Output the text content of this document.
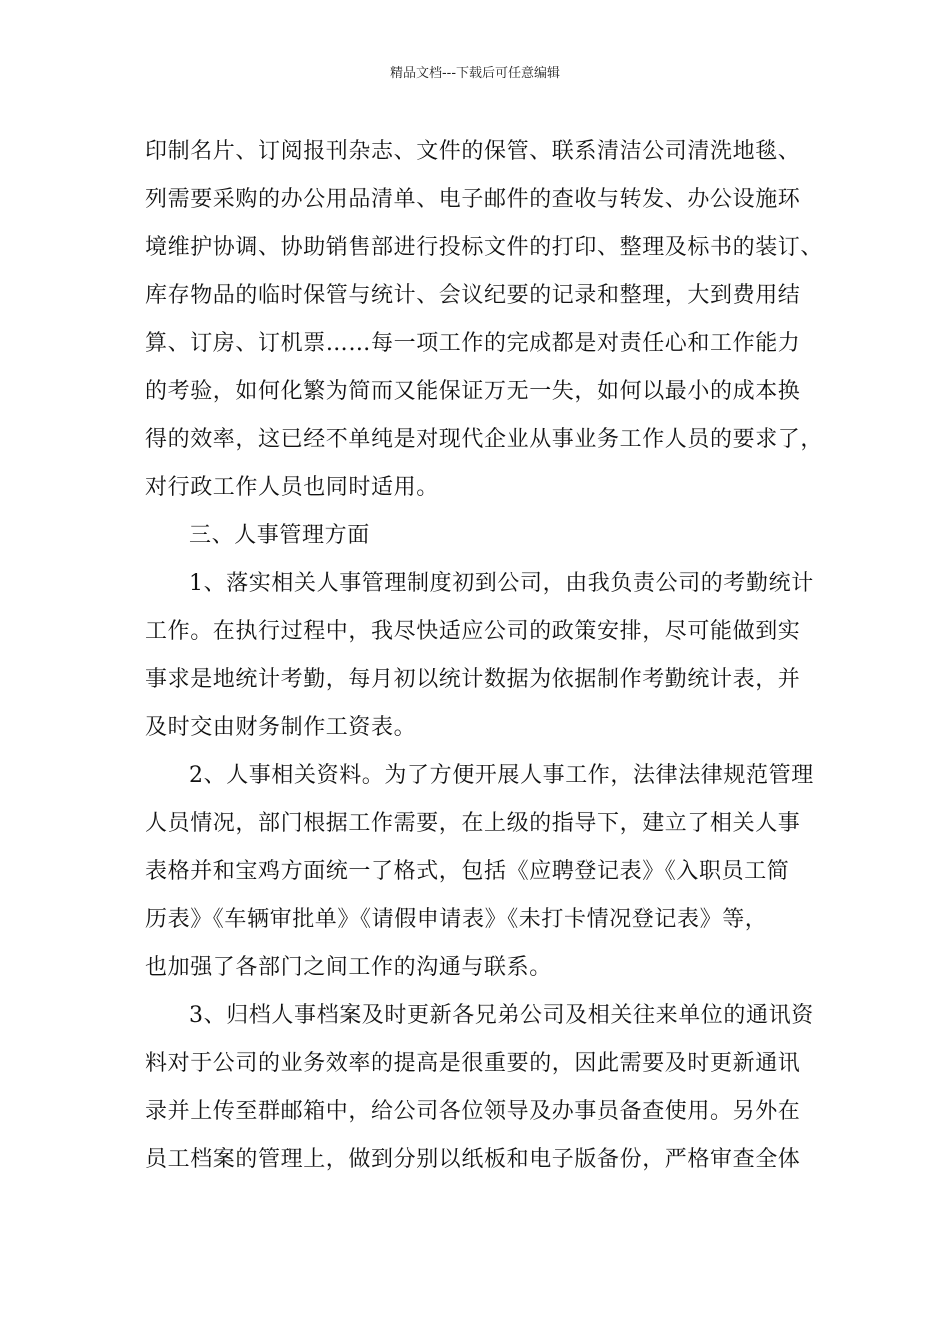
精品文档---下载后可任意编辑
印制名片、订阅报刊杂志、文件的保管、联系清洁公司清洗地毯、
列需要采购的办公用品清单、电子邮件的查收与转发、办公设施环
境维护协调、协助销售部进行投标文件的打印、整理及标书的装订、
库存物品的临时保管与统计、会议纪要的记录和整理，大到费用结
算、订房、订机票……每一项工作的完成都是对责任心和工作能力
的考验，如何化繁为简而又能保证万无一失，如何以最小的成本换
得的效率，这已经不单纯是对现代企业从事业务工作人员的要求了，
对行政工作人员也同时适用。
三、人事管理方面
1、落实相关人事管理制度初到公司，由我负责公司的考勤统计
工作。在执行过程中，我尽快适应公司的政策安排，尽可能做到实
事求是地统计考勤，每月初以统计数据为依据制作考勤统计表，并
及时交由财务制作工资表。
2、人事相关资料。为了方便开展人事工作，法律法律规范管理
人员情况，部门根据工作需要，在上级的指导下，建立了相关人事
表格并和宝鸡方面统一了格式，包括《应聘登记表》《入职员工简
历表》《车辆审批单》《请假申请表》《未打卡情况登记表》等，
也加强了各部门之间工作的沟通与联系。
3、归档人事档案及时更新各兄弟公司及相关往来单位的通讯资
料对于公司的业务效率的提高是很重要的，因此需要及时更新通讯
录并上传至群邮箱中，给公司各位领导及办事员备查使用。另外在
员工档案的管理上，做到分别以纸板和电子版备份，严格审查全体
